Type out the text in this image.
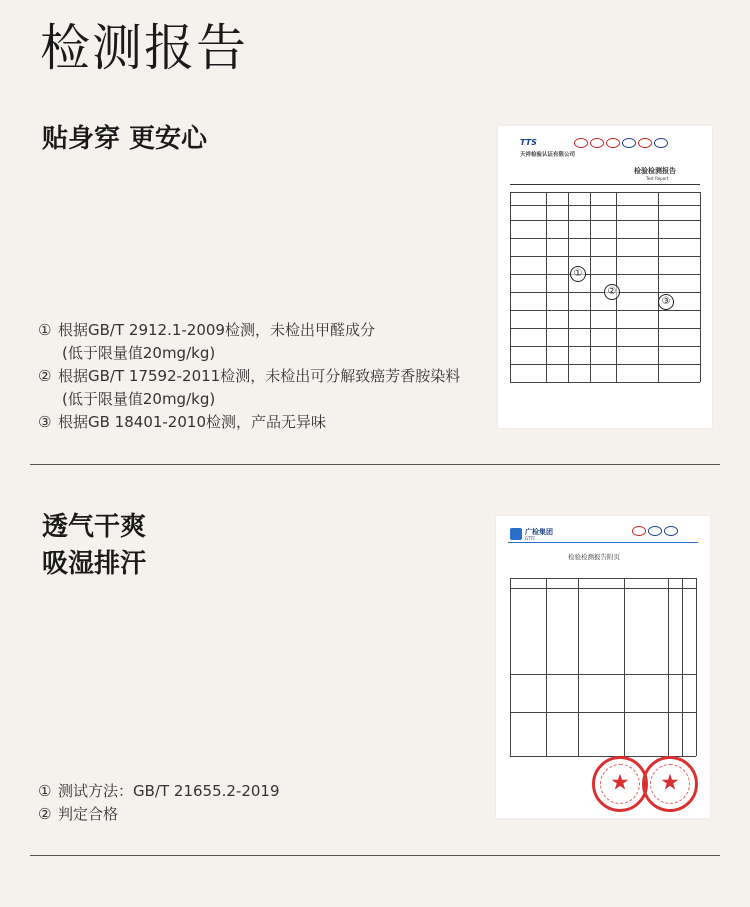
检测报告
贴身穿 更安心
① 根据GB/T 2912.1-2009检测，未检出甲醛成分
(低于限量值20mg/kg)
② 根据GB/T 17592-2011检测，未检出可分解致癌芳香胺染料
(低于限量值20mg/kg)
③ 根据GB 18401-2010检测，产品无异味
TTS
天祥检验认证有限公司
检验检测报告
Test Report
①
②
③
透气干爽
吸湿排汗
① 测试方法：GB/T 21655.2-2019
② 判定合格
广检集团
GTTC
检验检测报告附页
★ ★
